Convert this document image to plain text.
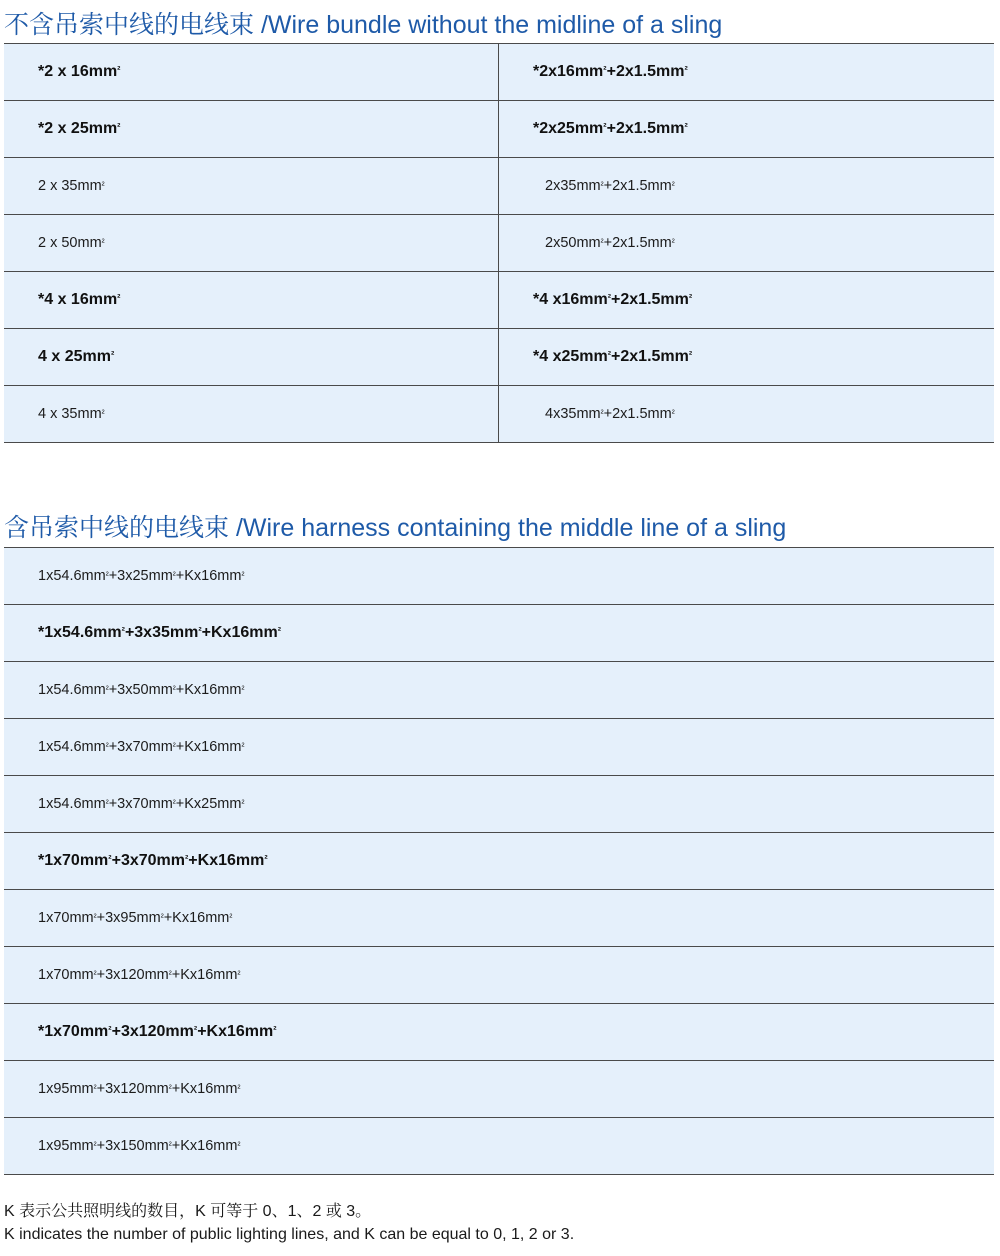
不含吊索中线的电线束 /Wire bundle without the midline of a sling
*2 x $16mm^{^2}$	$*2x16mm^{^2} +2x1.5mm^{^2}$
*2 x $25mm^{^2}$	$*2x25mm^{^2} +2x1.5mm^{^2}$
2 x $35mm^{^2}$	$2x35mm^{^2} +2x1.5mm^{^2}$
2 x $50mm^{^2}$	$2x50mm^{^2} +2x1.5mm^{^2}$
*4 x $16mm^{^2}$	*4 $x16mm^{^2} +2x1.5mm^{^2}$
4 x $25mm^{^2}$	*4 $x25mm^{^2} +2x1.5mm^{^2}$
4 x $35mm^{^2}$	$4x35mm^{^2} +2x1.5mm^{^2}$
含吊索中线的电线束 /Wire harness containing the middle line of a sling
$1x54.6mm^{^2} +3x25mm^{^2} +Kx16mm^{^2}$
$*1x54.6mm^{^2} +3x35mm^{^2} +Kx16mm^{^2}$
$1x54.6mm^{^2} +3x50mm^{^2} +Kx16mm^{^2}$
$1x54.6mm^{^2} +3x70mm^{^2} +Kx16mm^{^2}$
$1x54.6mm^{^2} +3x70mm^{^2} +Kx25mm^{^2}$
$*1x70mm^{^2} +3x70mm^{^2} +Kx16mm^{^2}$
$1x70mm^{^2} +3x95mm^{^2} +Kx16mm^{^2}$
$1x70mm^{^2} +3x120mm^{^2} +Kx16mm^{^2}$
$*1x70mm^{^2} +3x120mm^{^2} +Kx16mm^{^2}$
$1x95mm^{^2} +3x120mm^{^2} +Kx16mm^{^2}$
$1x95mm^{^2} +3x150mm^{^2} +Kx16mm^{^2}$
K 表示公共照明线的数目，K 可等于 0、1、2 或 3。
K indicates the number of public lighting lines, and K can be equal to 0, 1, 2 or 3.
